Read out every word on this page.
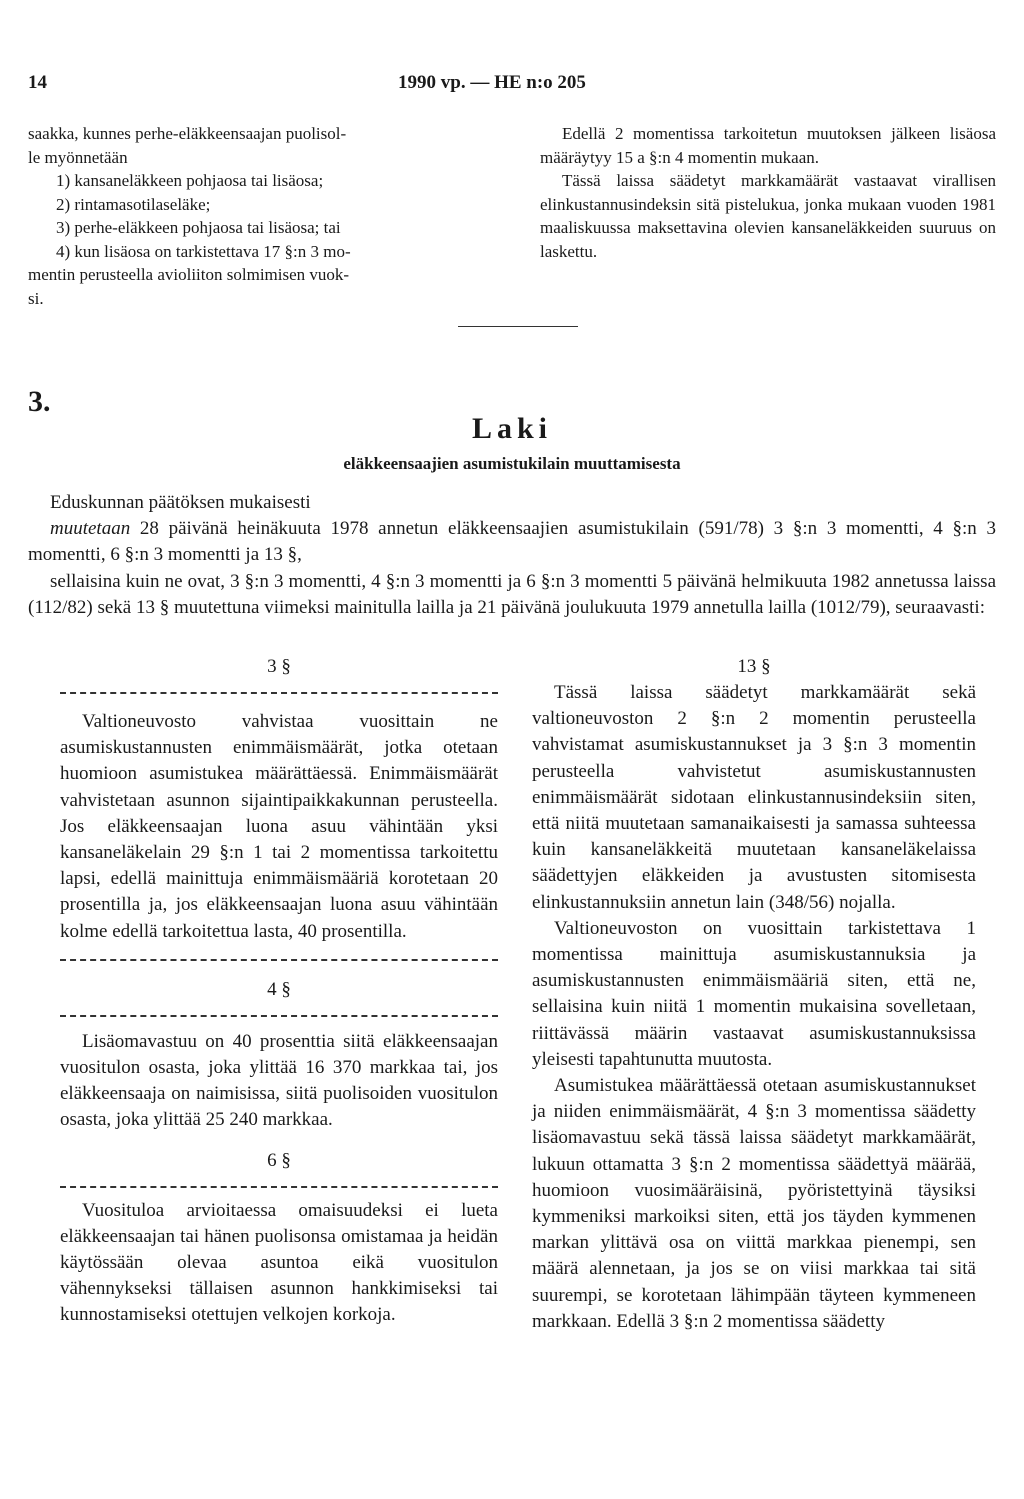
14	1990 vp. — HE n:o 205

saakka, kunnes perhe-eläkkeensaajan puolisol-

le myönnetään

1) kansaneläkkeen pohjaosa tai lisäosa;

2) rintamasotilaseläke;

3) perhe-eläkkeen pohjaosa tai lisäosa; tai

4) kun lisäosa on tarkistettava 17 §:n 3 mo-

mentin perusteella avioliiton solmimisen vuok-

si.

Edellä 2 momentissa tarkoitetun muutoksen jälkeen lisäosa määräytyy 15 a §:n 4 momentin mukaan.

Tässä laissa säädetyt markkamäärät vastaavat virallisen elinkustannusindeksin sitä pistelukua, jonka mukaan vuoden 1981 maaliskuussa maksettavina olevien kansaneläkkeiden suuruus on laskettu.

3.
Laki
eläkkeensaajien asumistukilain muuttamisesta

Eduskunnan päätöksen mukaisesti

muutetaan 28 päivänä heinäkuuta 1978 annetun eläkkeensaajien asumistukilain (591/78) 3 §:n 3 momentti, 4 §:n 3 momentti, 6 §:n 3 momentti ja 13 §,

sellaisina kuin ne ovat, 3 §:n 3 momentti, 4 §:n 3 momentti ja 6 §:n 3 momentti 5 päivänä helmikuuta 1982 annetussa laissa (112/82) sekä 13 § muutettuna viimeksi mainitulla lailla ja 21 päivänä joulukuuta 1979 annetulla lailla (1012/79), seuraavasti:

3 §

Valtioneuvosto vahvistaa vuosittain ne asumiskustannusten enimmäismäärät, jotka otetaan huomioon asumistukea määrättäessä. Enimmäismäärät vahvistetaan asunnon sijaintipaikkakunnan perusteella. Jos eläkkeensaajan luona asuu vähintään yksi kansaneläkelain 29 §:n 1 tai 2 momentissa tarkoitettu lapsi, edellä mainittuja enimmäismääriä korotetaan 20 prosentilla ja, jos eläkkeensaajan luona asuu vähintään kolme edellä tarkoitettua lasta, 40 prosentilla.

4 §

Lisäomavastuu on 40 prosenttia siitä eläkkeensaajan vuositulon osasta, joka ylittää 16 370 markkaa tai, jos eläkkeensaaja on naimisissa, siitä puolisoiden vuositulon osasta, joka ylittää 25 240 markkaa.

6 §

Vuosituloa arvioitaessa omaisuudeksi ei lueta eläkkeensaajan tai hänen puolisonsa omistamaa ja heidän käytössään olevaa asuntoa eikä vuositulon vähennykseksi tällaisen asunnon hankkimiseksi tai kunnostamiseksi otettujen velkojen korkoja.

13 §

Tässä laissa säädetyt markkamäärät sekä valtioneuvoston 2 §:n 2 momentin perusteella vahvistamat asumiskustannukset ja 3 §:n 3 momentin perusteella vahvistetut asumiskustannusten enimmäismäärät sidotaan elinkustannusindeksiin siten, että niitä muutetaan samanaikaisesti ja samassa suhteessa kuin kansaneläkkeitä muutetaan kansaneläkelaissa säädettyjen eläkkeiden ja avustusten sitomisesta elinkustannuksiin annetun lain (348/56) nojalla.

Valtioneuvoston on vuosittain tarkistettava 1 momentissa mainittuja asumiskustannuksia ja asumiskustannusten enimmäismääriä siten, että ne, sellaisina kuin niitä 1 momentin mukaisina sovelletaan, riittävässä määrin vastaavat asumiskustannuksissa yleisesti tapahtunutta muutosta.

Asumistukea määrättäessä otetaan asumiskustannukset ja niiden enimmäismäärät, 4 §:n 3 momentissa säädetty lisäomavastuu sekä tässä laissa säädetyt markkamäärät, lukuun ottamatta 3 §:n 2 momentissa säädettyä määrää, huomioon vuosimääräisinä, pyöristettyinä täysiksi kymmeniksi markoiksi siten, että jos täyden kymmenen markan ylittävä osa on viittä markkaa pienempi, sen määrä alennetaan, ja jos se on viisi markkaa tai sitä suurempi, se korotetaan lähimpään täyteen kymmeneen markkaan. Edellä 3 §:n 2 momentissa säädetty
